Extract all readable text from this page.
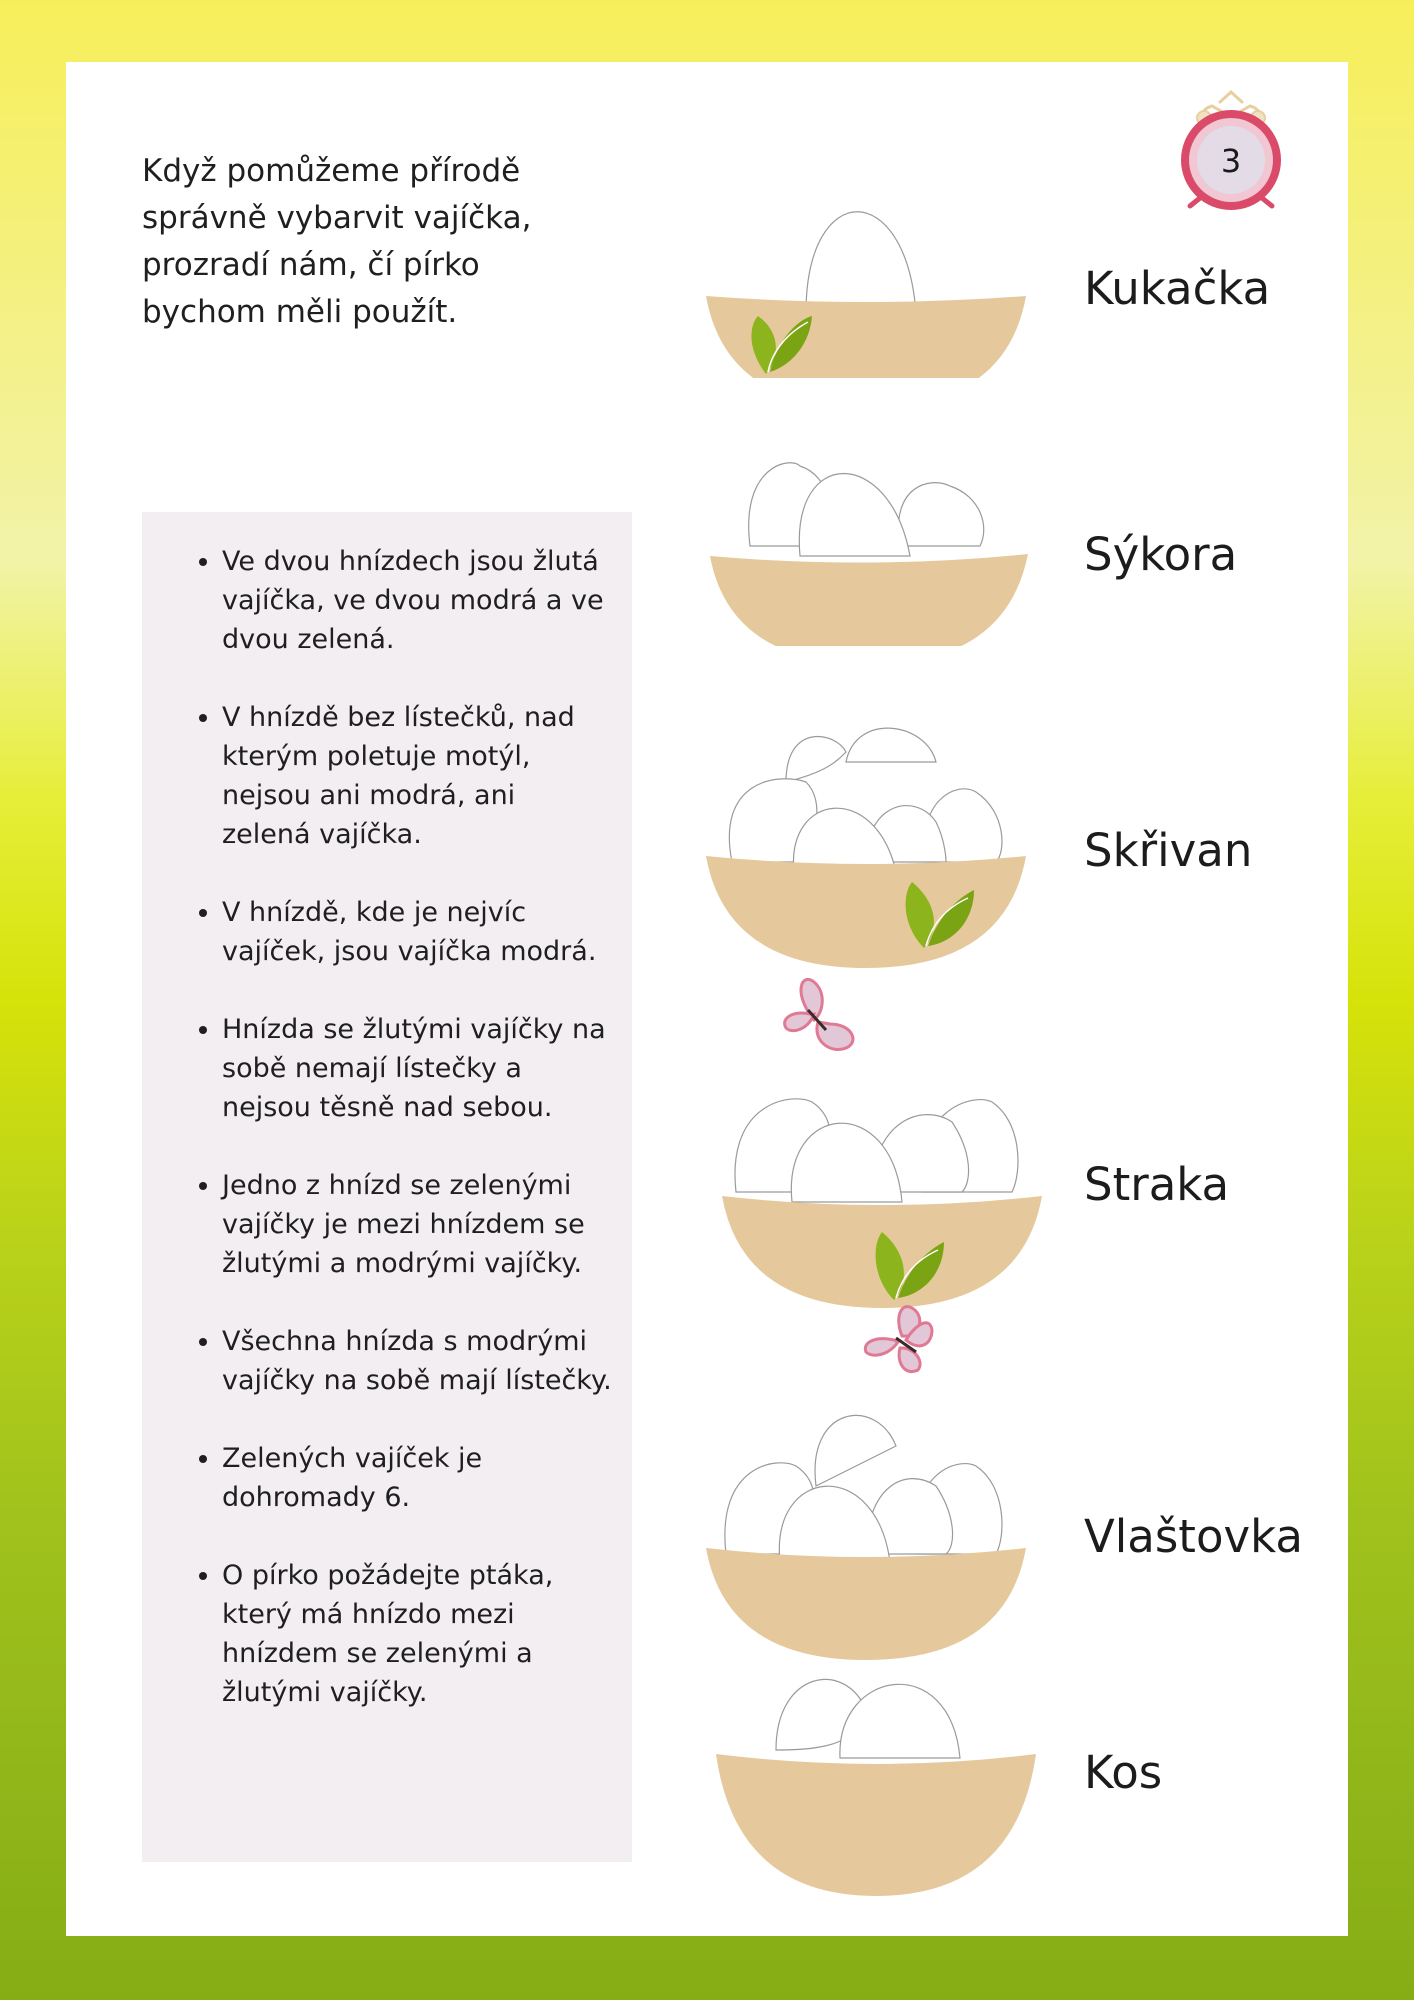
Když pomůžeme přírodě správně vybarvit vajíčka, prozradí nám, čí pírko bychom měli použít.

3
• Ve dvou hnízdech jsou žlutá vajíčka, ve dvou modrá a ve dvou zelená.
• V hnízdě bez lístečků, nad kterým poletuje motýl, nejsou ani modrá, ani zelená vajíčka.
• V hnízdě, kde je nejvíc vajíček, jsou vajíčka modrá.
• Hnízda se žlutými vajíčky na sobě nemají lístečky a nejsou těsně nad sebou.
• Jedno z hnízd se zelenými vajíčky je mezi hnízdem se žlutými a modrými vajíčky.
• Všechna hnízda s modrými vajíčky na sobě mají lístečky.
• Zelených vajíček je dohromady 6.
• O pírko požádejte ptáka, který má hnízdo mezi hnízdem se zelenými a žlutými vajíčky.
Kukačka
Sýkora
Skřivan
Straka
Vlaštovka
Kos
